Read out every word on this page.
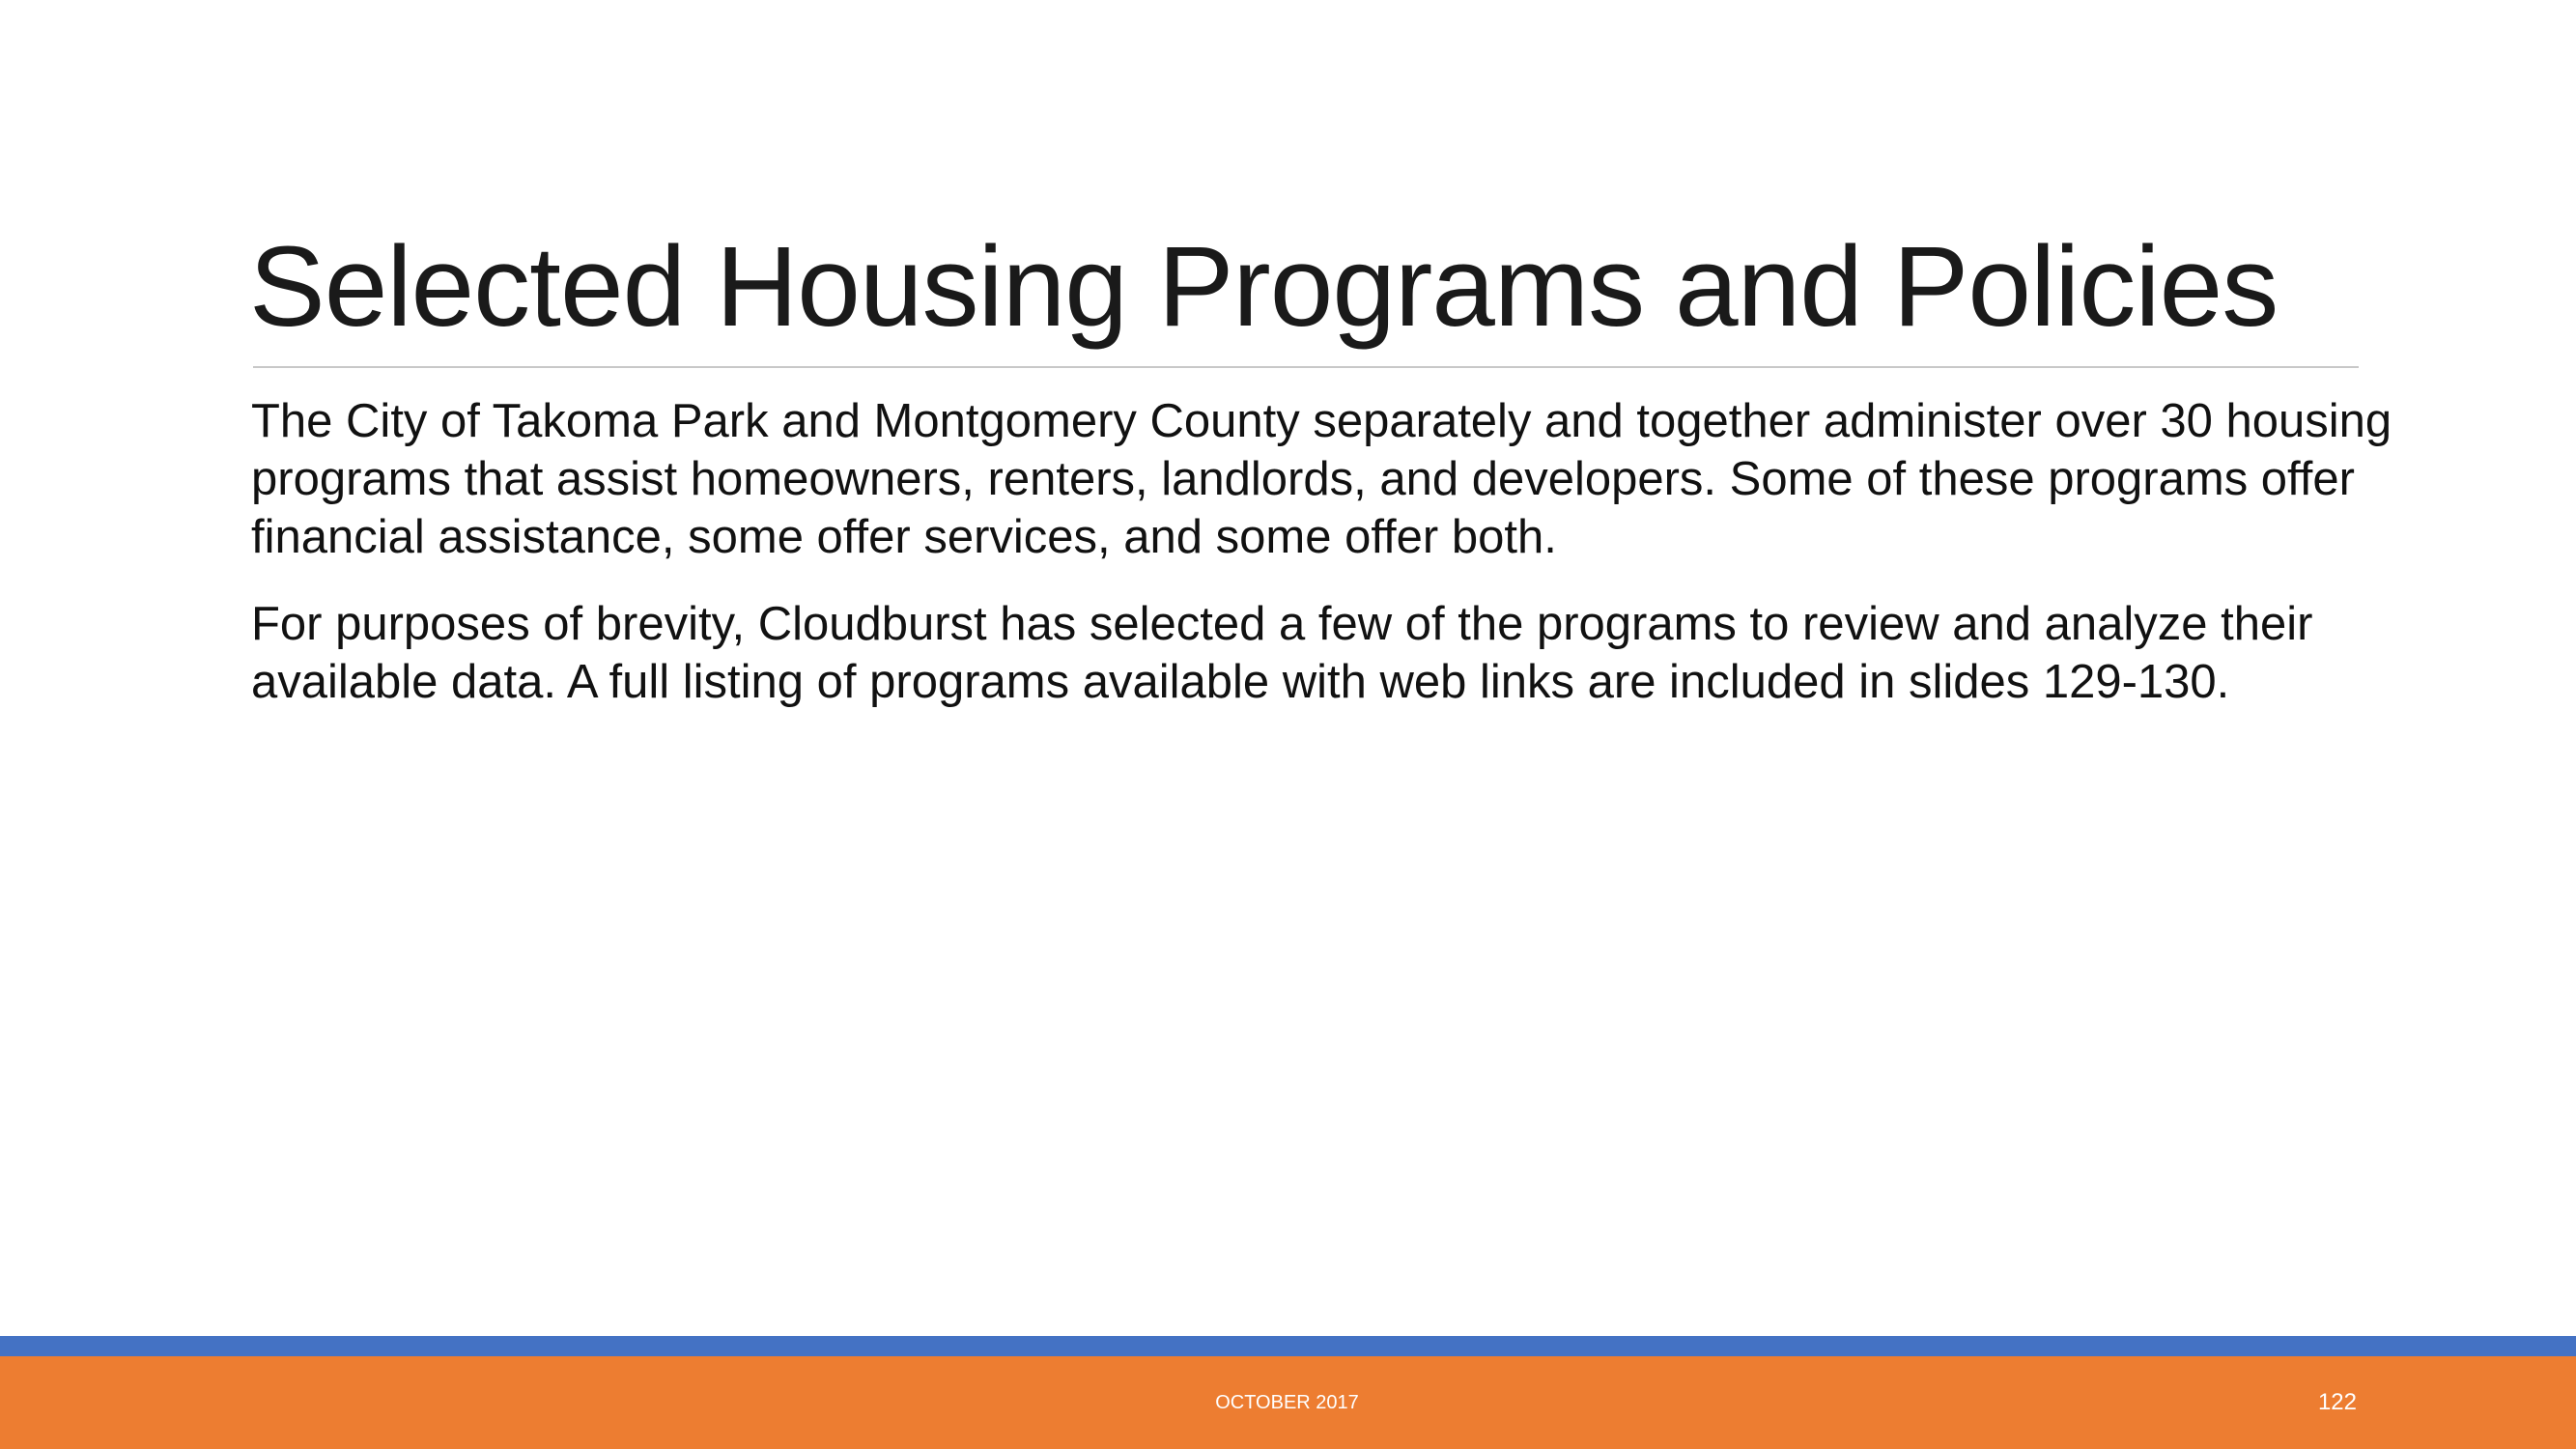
Selected Housing Programs and Policies

The City of Takoma Park and Montgomery County separately and together administer over 30 housing programs that assist homeowners, renters, landlords, and developers. Some of these programs offer financial assistance, some offer services, and some offer both.

For purposes of brevity, Cloudburst has selected a few of the programs to review and analyze their available data. A full listing of programs available with web links are included in slides 129-130.

OCTOBER 2017	122
